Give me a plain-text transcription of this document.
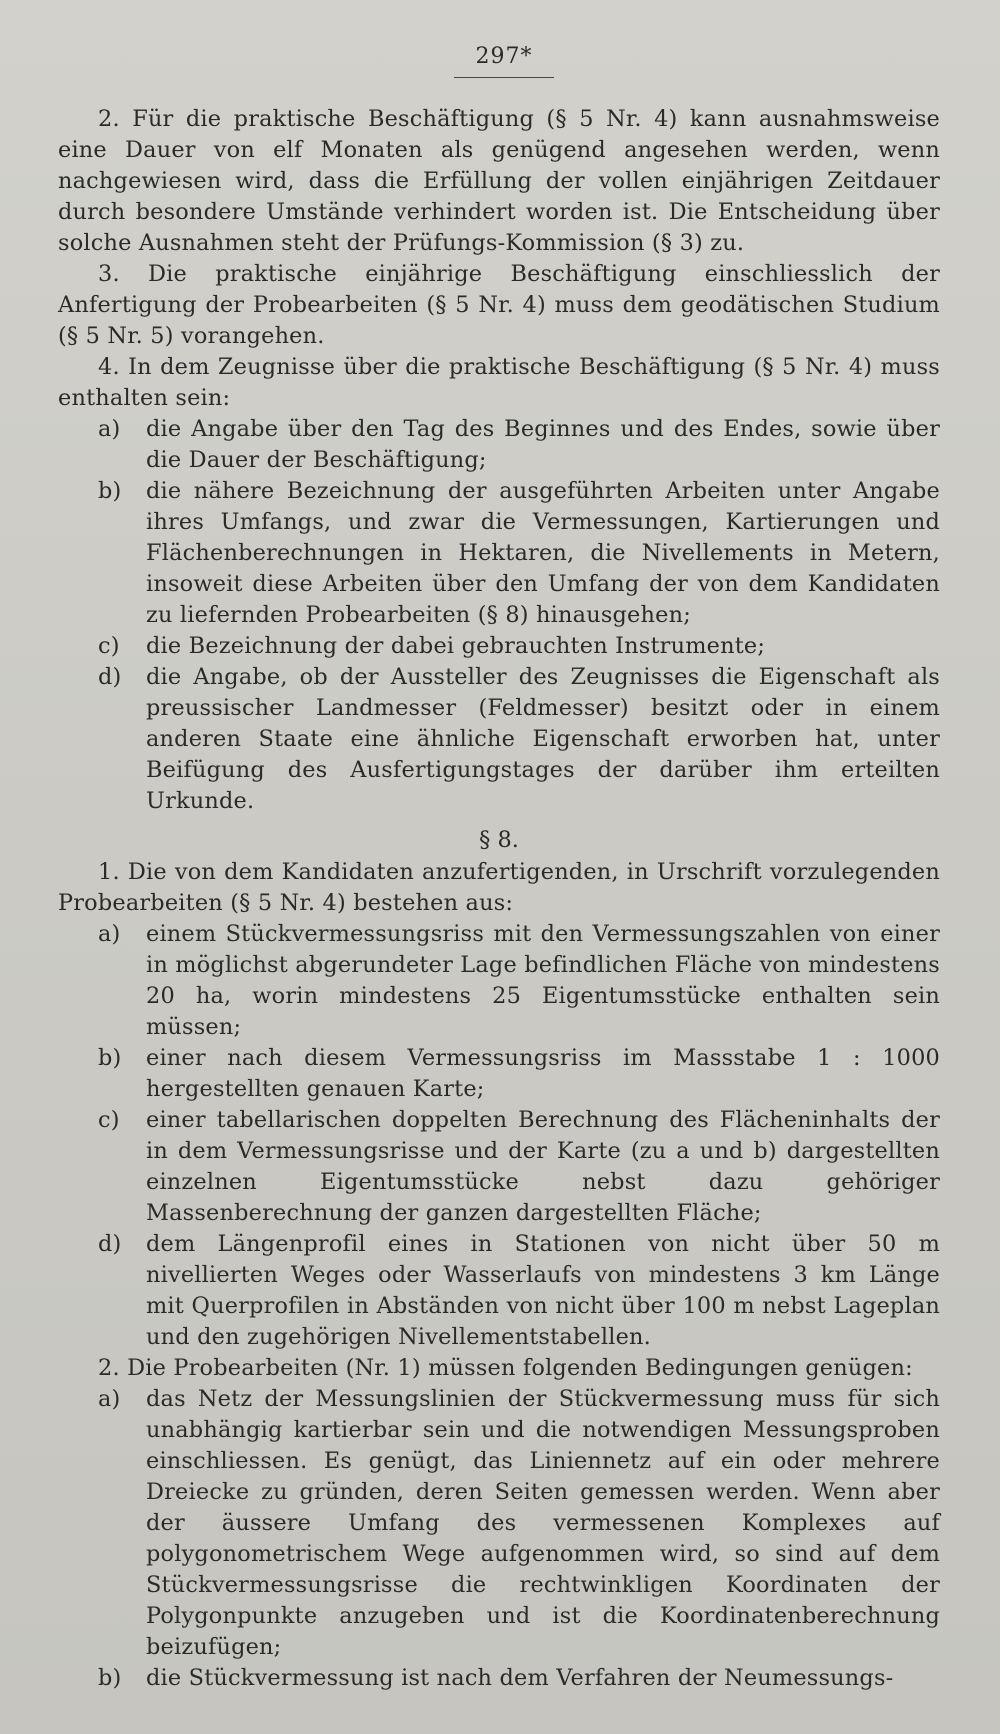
297*

2. Für die praktische Beschäftigung (§ 5 Nr. 4) kann ausnahmsweise eine Dauer von elf Monaten als genügend angesehen werden, wenn nachgewiesen wird, dass die Erfüllung der vollen einjährigen Zeitdauer durch besondere Umstände verhindert worden ist. Die Entscheidung über solche Ausnahmen steht der Prüfungs-Kommission (§ 3) zu.

3. Die praktische einjährige Beschäftigung einschliesslich der Anfertigung der Probearbeiten (§ 5 Nr. 4) muss dem geodätischen Studium (§ 5 Nr. 5) vorangehen.

4. In dem Zeugnisse über die praktische Beschäftigung (§ 5 Nr. 4) muss enthalten sein:

a)	die Angabe über den Tag des Beginnes und des Endes, sowie über die Dauer der Beschäftigung;
b)	die nähere Bezeichnung der ausgeführten Arbeiten unter Angabe ihres Umfangs, und zwar die Vermessungen, Kartierungen und Flächenberechnungen in Hektaren, die Nivellements in Metern, insoweit diese Arbeiten über den Umfang der von dem Kandidaten zu liefernden Probearbeiten (§ 8) hinausgehen;
c)	die Bezeichnung der dabei gebrauchten Instrumente;
d)	die Angabe, ob der Aussteller des Zeugnisses die Eigenschaft als preussischer Landmesser (Feldmesser) besitzt oder in einem anderen Staate eine ähnliche Eigenschaft erworben hat, unter Beifügung des Ausfertigungstages der darüber ihm erteilten Urkunde.
§ 8.

1. Die von dem Kandidaten anzufertigenden, in Urschrift vorzulegenden Probearbeiten (§ 5 Nr. 4) bestehen aus:

a)	einem Stückvermessungsriss mit den Vermessungszahlen von einer in möglichst abgerundeter Lage befindlichen Fläche von mindestens 20 ha, worin mindestens 25 Eigentumsstücke enthalten sein müssen;
b)	einer nach diesem Vermessungsriss im Massstabe 1 : 1000 hergestellten genauen Karte;
c)	einer tabellarischen doppelten Berechnung des Flächeninhalts der in dem Vermessungsrisse und der Karte (zu a und b) dargestellten einzelnen Eigentumsstücke nebst dazu gehöriger Massenberechnung der ganzen dargestellten Fläche;
d)	dem Längenprofil eines in Stationen von nicht über 50 m nivellierten Weges oder Wasserlaufs von mindestens 3 km Länge mit Querprofilen in Abständen von nicht über 100 m nebst Lageplan und den zugehörigen Nivellementstabellen.

2. Die Probearbeiten (Nr. 1) müssen folgenden Bedingungen genügen:

a)	das Netz der Messungslinien der Stückvermessung muss für sich unabhängig kartierbar sein und die notwendigen Messungsproben einschliessen. Es genügt, das Liniennetz auf ein oder mehrere Dreiecke zu gründen, deren Seiten gemessen werden. Wenn aber der äussere Umfang des vermessenen Komplexes auf polygonometrischem Wege aufgenommen wird, so sind auf dem Stückvermessungsrisse die rechtwinkligen Koordinaten der Polygonpunkte anzugeben und ist die Koordinatenberechnung beizufügen;
b)	die Stückvermessung ist nach dem Verfahren der Neumessungs-
